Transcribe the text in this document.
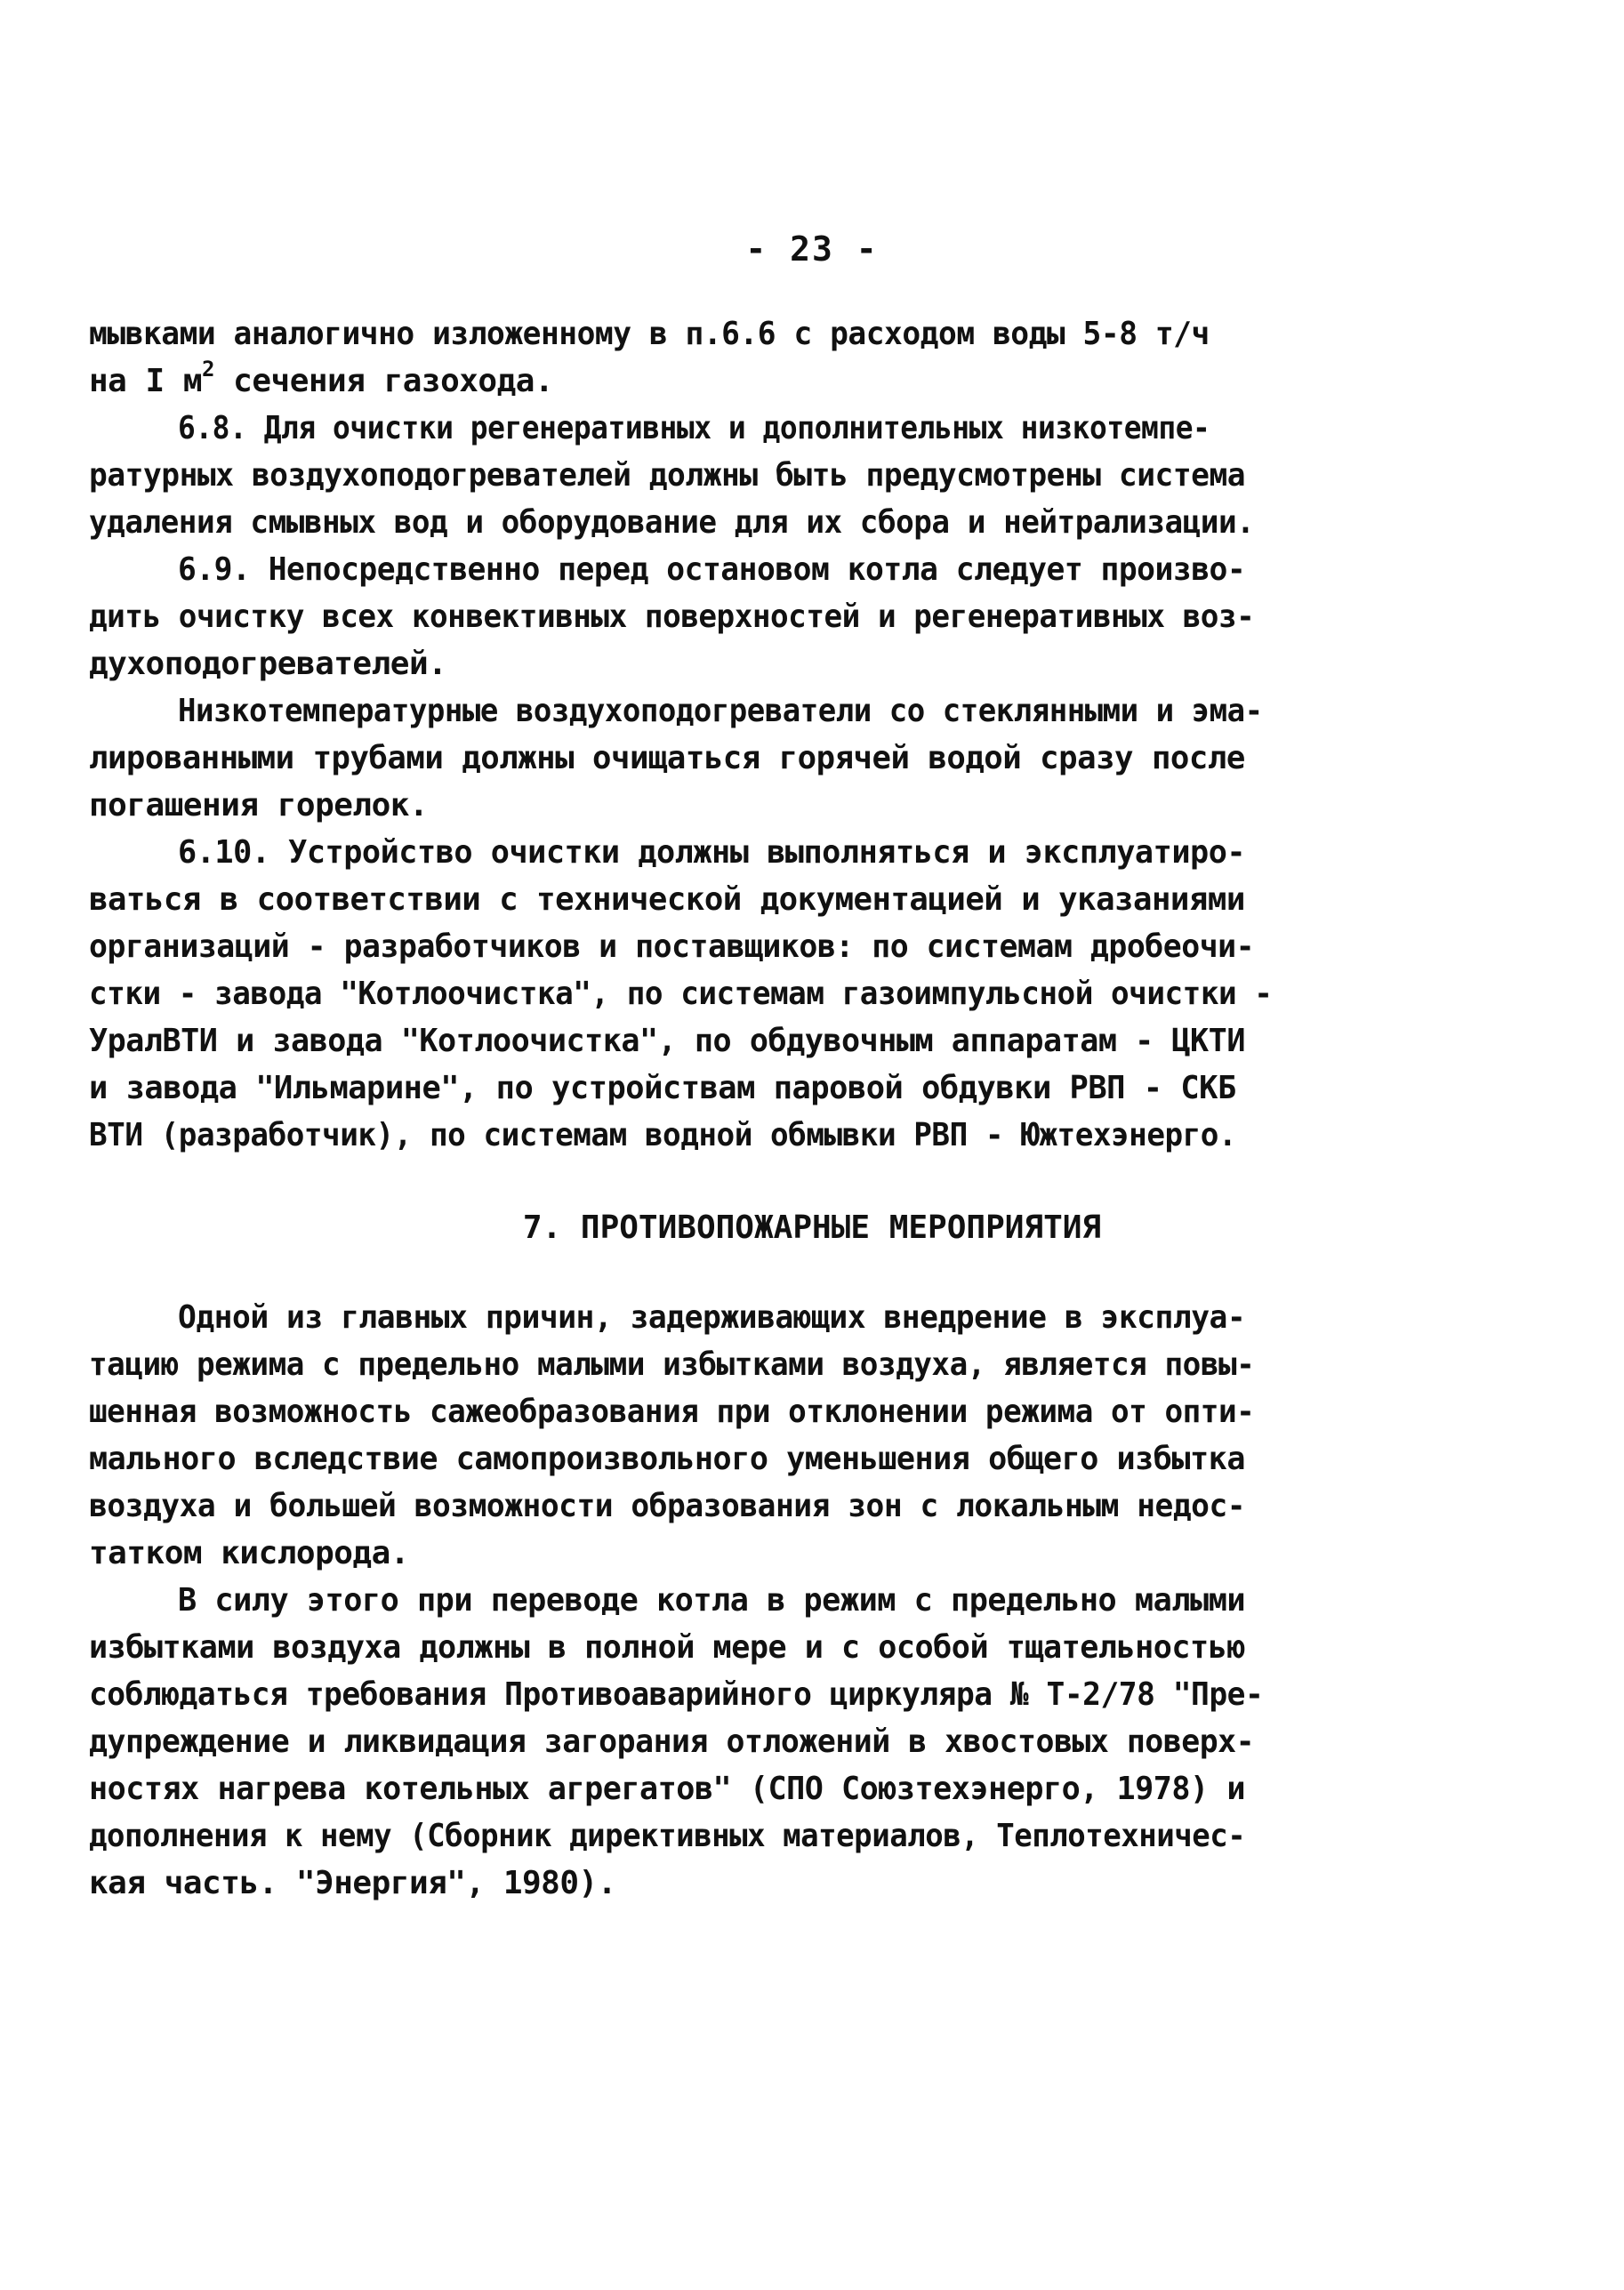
- 23 -
мывками аналогично изложенному в п.6.6 с расходом воды 5-8 т/ч
на I $м^2$ сечения газохода.
6.8. Для очистки регенеративных и дополнительных низкотемпе-
ратурных воздухоподогревателей должны быть предусмотрены система
удаления смывных вод и оборудование для их сбора и нейтрализации.
6.9. Непосредственно перед остановом котла следует произво-
дить очистку всех конвективных поверхностей и регенеративных воз-
духоподогревателей.
Низкотемпературные воздухоподогреватели со стеклянными и эма-
лированными трубами должны очищаться горячей водой сразу после
погашения горелок.
6.10. Устройство очистки должны выполняться и эксплуатиро-
ваться в соответствии с технической документацией и указаниями
организаций - разработчиков и поставщиков: по системам дробеочи-
стки - завода "Котлоочистка", по системам газоимпульсной очистки -
УралВТИ и завода "Котлоочистка", по обдувочным аппаратам - ЦКТИ
и завода "Ильмарине", по устройствам паровой обдувки РВП - СКБ
ВТИ (разработчик), по системам водной обмывки РВП - Южтехэнерго.
7. ПРОТИВОПОЖАРНЫЕ МЕРОПРИЯТИЯ
Одной из главных причин, задерживающих внедрение в эксплуа-
тацию режима с предельно малыми избытками воздуха, является повы-
шенная возможность сажеобразования при отклонении режима от опти-
мального вследствие самопроизвольного уменьшения общего избытка
воздуха и большей возможности образования зон с локальным недос-
татком кислорода.
В силу этого при переводе котла в режим с предельно малыми
избытками воздуха должны в полной мере и с особой тщательностью
соблюдаться требования Противоаварийного циркуляра № Т-2/78 "Пре-
дупреждение и ликвидация загорания отложений в хвостовых поверх-
ностях нагрева котельных агрегатов" (СПО Союзтехэнерго, 1978) и
дополнения к нему (Сборник директивных материалов, Теплотехничес-
кая часть. "Энергия", 1980).
